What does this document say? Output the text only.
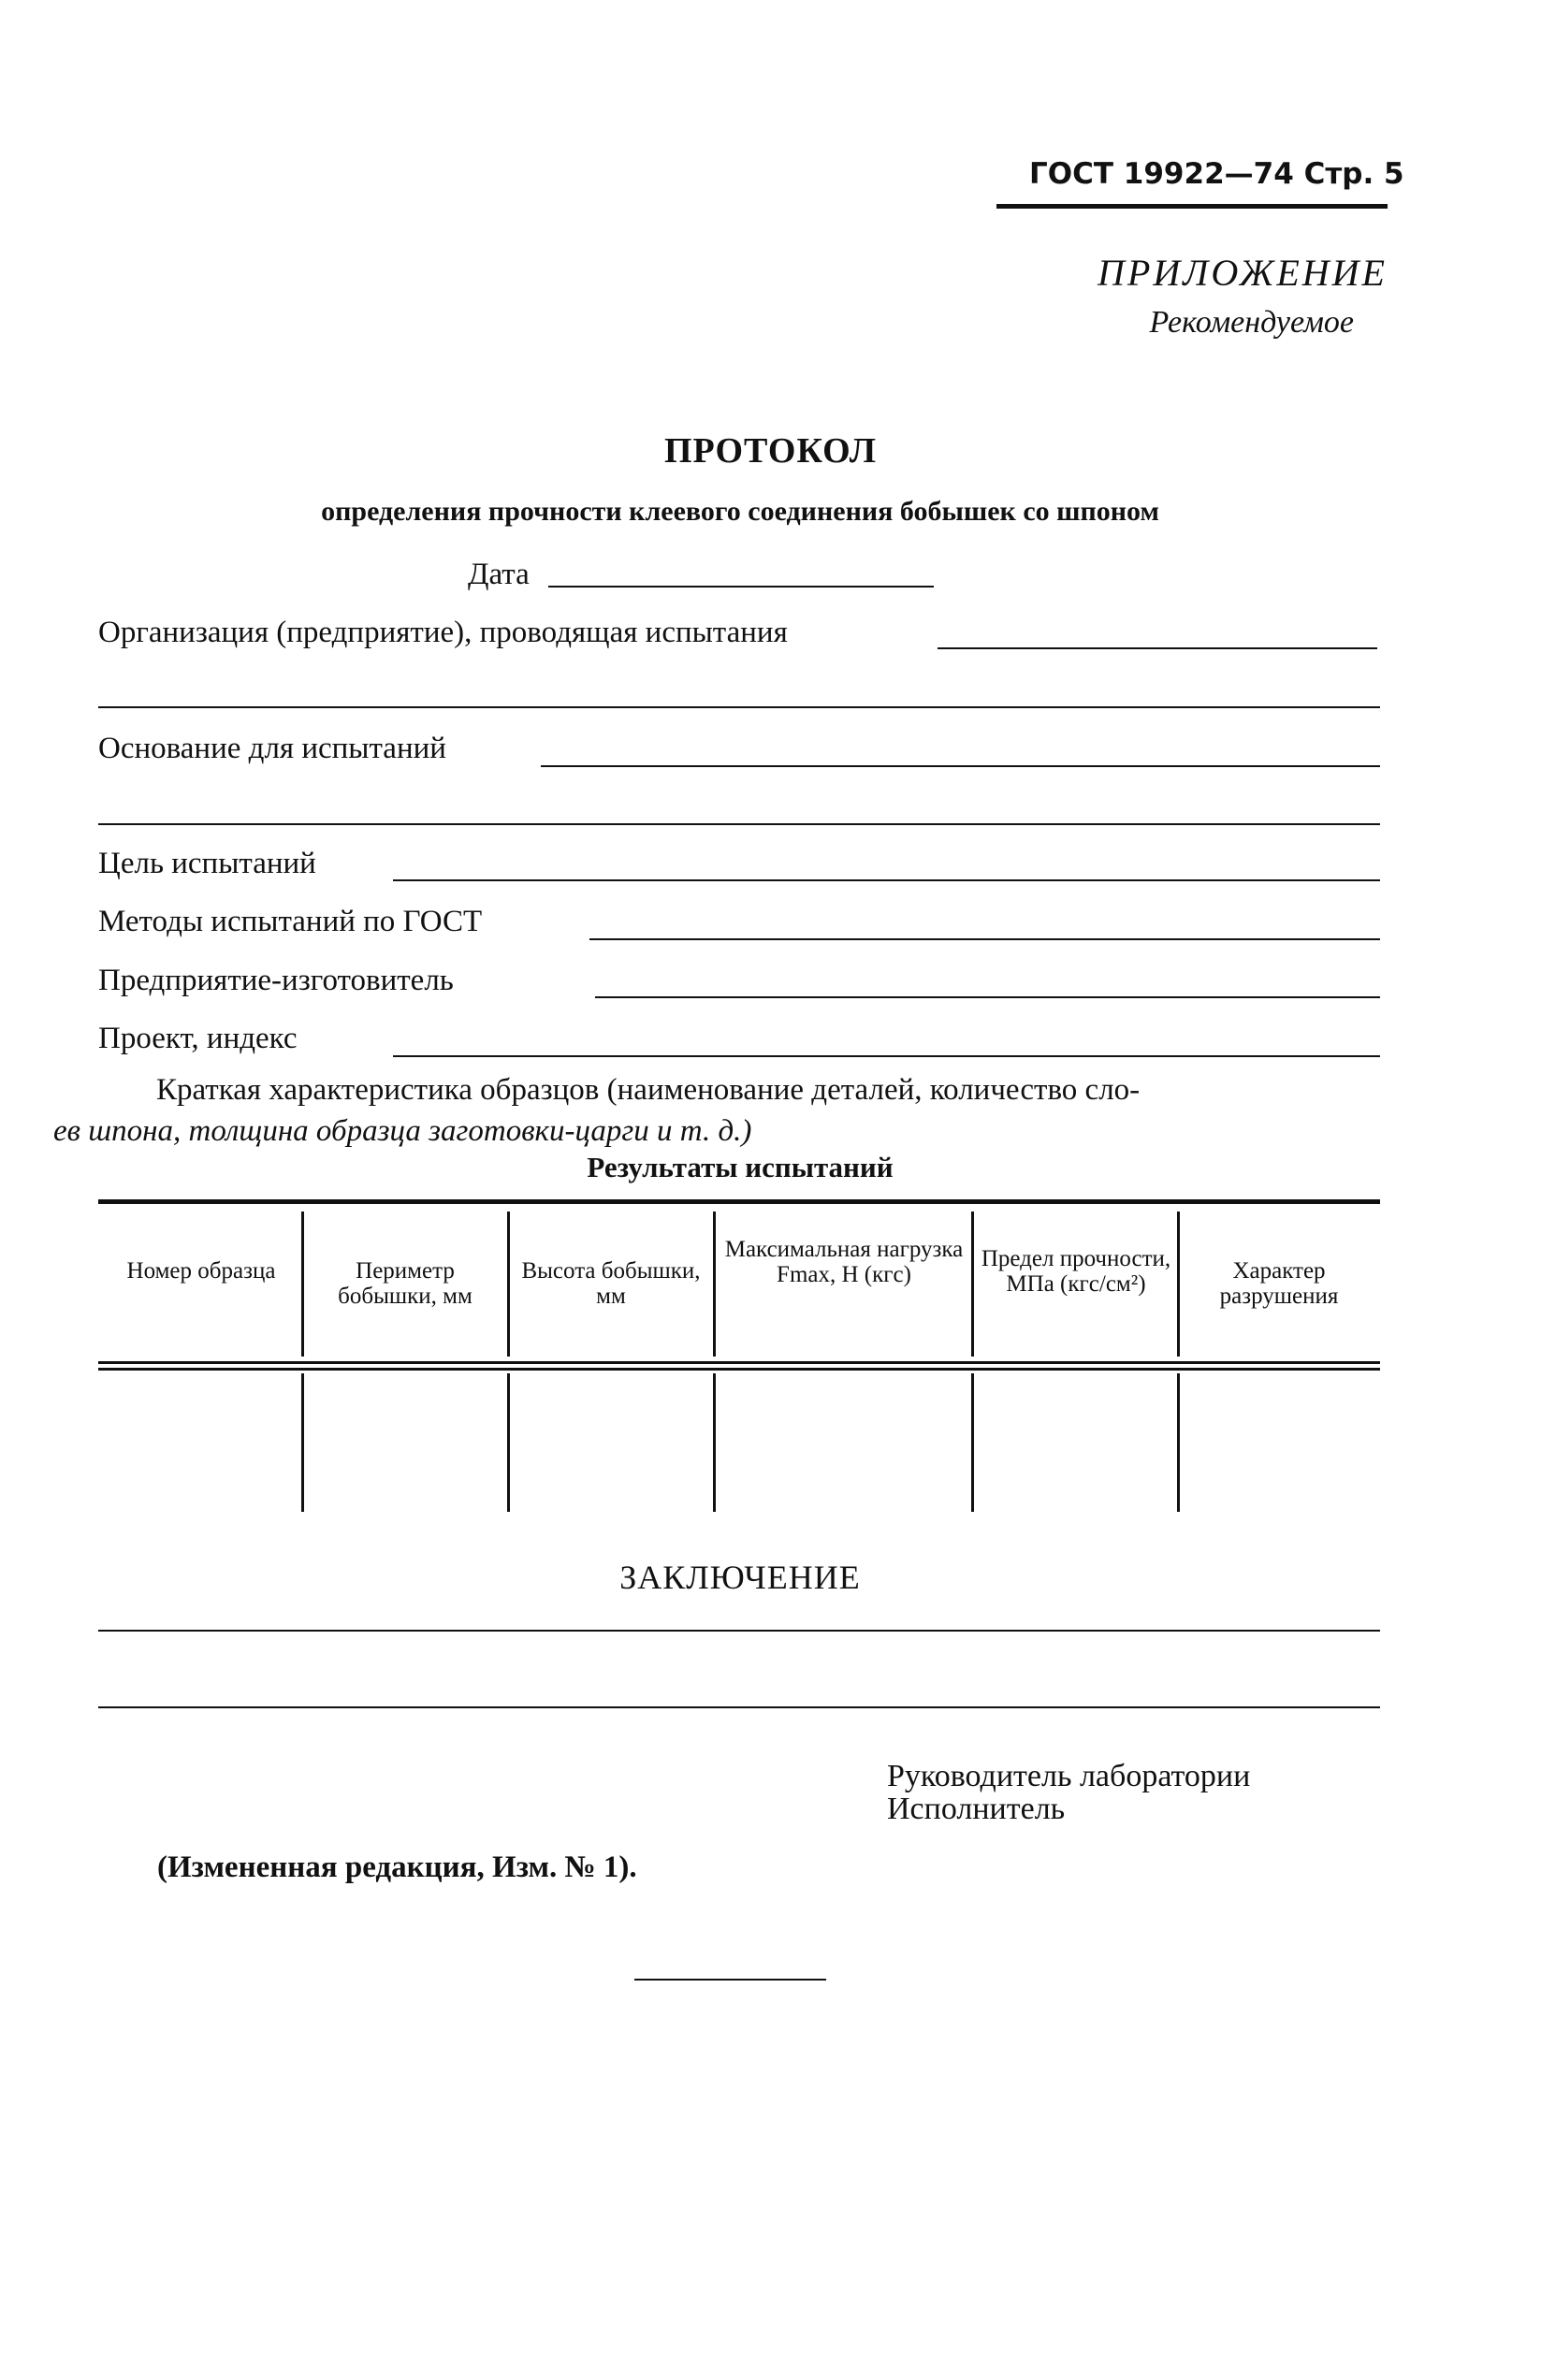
ГОСТ 19922—74 Стр. 5
ПРИЛОЖЕНИЕ
Рекомендуемое
ПРОТОКОЛ
определения прочности клеевого соединения бобышек со шпоном
Дата
Организация (предприятие), проводящая испытания
Основание для испытаний
Цель испытаний
Методы испытаний по ГОСТ
Предприятие-изготовитель
Проект, индекс
Краткая характеристика образцов (наименование деталей, количество сло-
ев шпона, толщина образца заготовки-царги и т. д.)
Результаты испытаний
Номер образца	Периметр бобышки, мм
Высота бобышки, мм
Максимальная нагрузка Fmax, Н (кгс)
Предел прочности, МПа (кгс/см²)
Характер разрушения
ЗАКЛЮЧЕНИЕ
Руководитель лаборатории
Исполнитель
(Измененная редакция, Изм. № 1).
